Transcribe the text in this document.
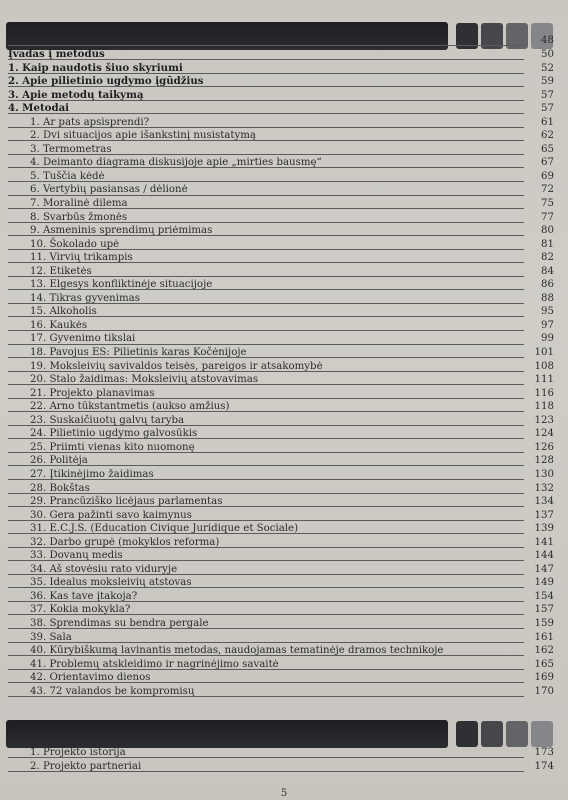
48
Įvadas į metodus	50
1. Kaip naudotis šiuo skyriumi	52
2. Apie pilietinio ugdymo įgūdžius	59
3. Apie metodų taikymą	57
4. Metodai	57
1. Ar pats apsisprendi?	61
2. Dvi situacijos apie išankstinį nusistatymą	62
3. Termometras	65
4. Deimanto diagrama diskusijoje apie „mirties bausmę“	67
5. Tuščia kėdė	69
6. Vertybių pasiansas / dėlionė	72
7. Moralinė dilema	75
8. Svarbūs žmonės	77
9. Asmeninis sprendimų priėmimas	80
10. Šokolado upė	81
11. Virvių trikampis	82
12. Etiketės	84
13. Elgesys konfliktinėje situacijoje	86
14. Tikras gyvenimas	88
15. Alkoholis	95
16. Kaukės	97
17. Gyvenimo tikslai	99
18. Pavojus ES: Pilietinis karas Kočėnijoje	101
19. Moksleivių savivaldos teisės, pareigos ir atsakomybė	108
20. Stalo žaidimas: Moksleivių atstovavimas	111
21. Projekto planavimas	116
22. Arno tūkstantmetis (aukso amžius)	118
23. Suskaičiuotų galvų taryba	123
24. Pilietinio ugdymo galvosūkis	124
25. Priimti vienas kito nuomonę	126
26. Politėja	128
27. Įtikinėjimo žaidimas	130
28. Bokštas	132
29. Prancūziško licėjaus parlamentas	134
30. Gera pažinti savo kaimynus	137
31. E.C.J.S. (Education Civique Juridique et Sociale)	139
32. Darbo grupė (mokyklos reforma)	141
33. Dovanų medis	144
34. Aš stovėsiu rato viduryje	147
35. Idealus moksleivių atstovas	149
36. Kas tave įtakoja?	154
37. Kokia mokykla?	157
38. Sprendimas su bendra pergale	159
39. Sala	161
40. Kūrybiškumą lavinantis metodas, naudojamas tematinėje dramos technikoje	162
41. Problemų atskleidimo ir nagrinėjimo savaitė	165
42. Orientavimo dienos	169
43. 72 valandos be kompromisų	170
1. Projekto istorija	173
2. Projekto partneriai	174
5
